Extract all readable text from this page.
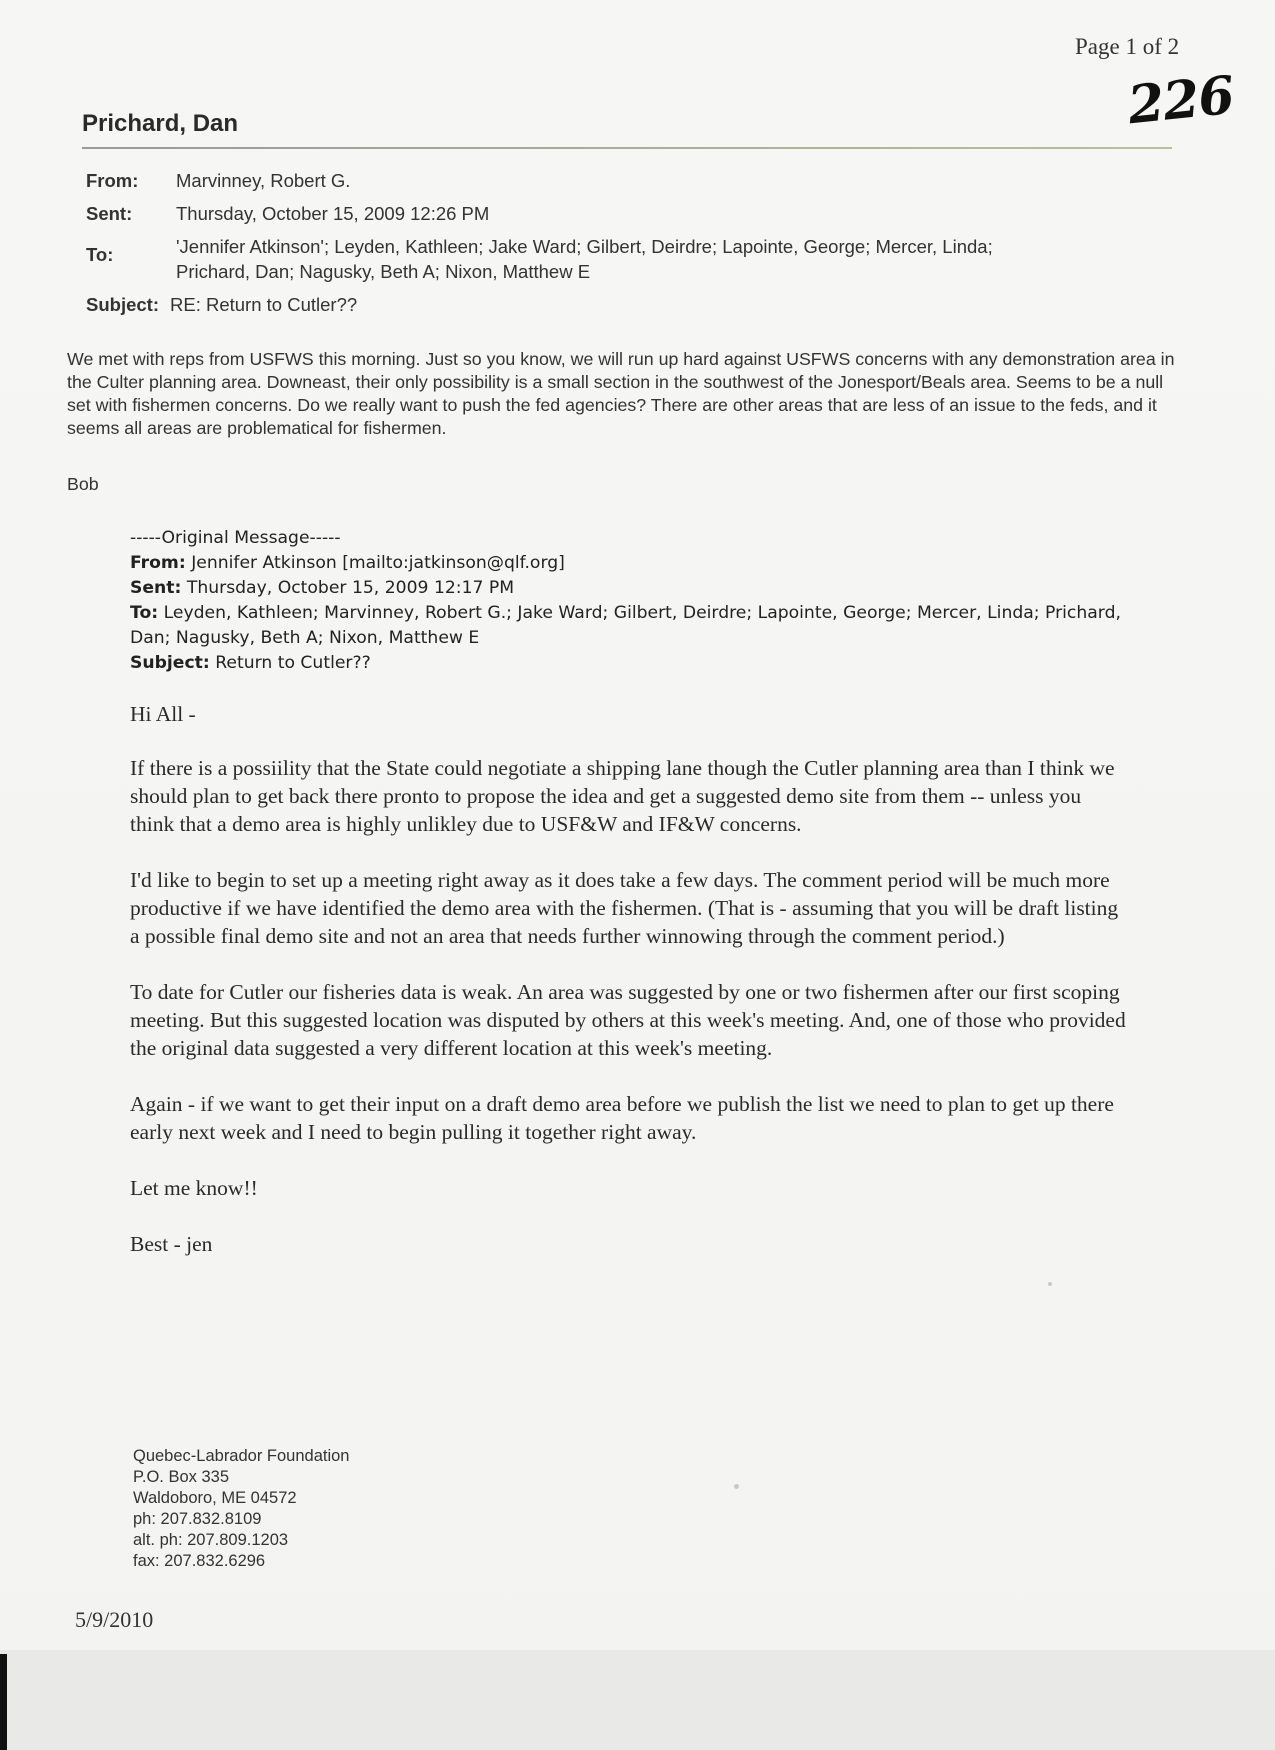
Page 1 of 2
226
Prichard, Dan
From:	Marvinney, Robert G.
Sent:	Thursday, October 15, 2009 12:26 PM
To:	'Jennifer Atkinson'; Leyden, Kathleen; Jake Ward; Gilbert, Deirdre; Lapointe, George; Mercer, Linda;
Prichard, Dan; Nagusky, Beth A; Nixon, Matthew E
Subject: RE: Return to Cutler??
We met with reps from USFWS this morning. Just so you know, we will run up hard against USFWS concerns with any demonstration area in the Culter planning area. Downeast, their only possibility is a small section in the southwest of the Jonesport/Beals area. Seems to be a null set with fishermen concerns. Do we really want to push the fed agencies? There are other areas that are less of an issue to the feds, and it seems all areas are problematical for fishermen.
Bob
-----Original Message-----
From: Jennifer Atkinson [mailto:jatkinson@qlf.org]
Sent: Thursday, October 15, 2009 12:17 PM
To: Leyden, Kathleen; Marvinney, Robert G.; Jake Ward; Gilbert, Deirdre; Lapointe, George; Mercer, Linda; Prichard, Dan; Nagusky, Beth A; Nixon, Matthew E
Subject: Return to Cutler??

Hi All -

If there is a possiility that the State could negotiate a shipping lane though the Cutler planning area than I think we should plan to get back there pronto to propose the idea and get a suggested demo site from them -- unless you think that a demo area is highly unlikley due to USF&W and IF&W concerns.

I'd like to begin to set up a meeting right away as it does take a few days. The comment period will be much more productive if we have identified the demo area with the fishermen. (That is - assuming that you will be draft listing a possible final demo site and not an area that needs further winnowing through the comment period.)

To date for Cutler our fisheries data is weak. An area was suggested by one or two fishermen after our first scoping meeting. But this suggested location was disputed by others at this week's meeting. And, one of those who provided the original data suggested a very different location at this week's meeting.

Again - if we want to get their input on a draft demo area before we publish the list we need to plan to get up there early next week and I need to begin pulling it together right away.

Let me know!!

Best - jen

Quebec-Labrador Foundation
P.O. Box 335
Waldoboro, ME 04572
ph: 207.832.8109
alt. ph: 207.809.1203
fax: 207.832.6296
5/9/2010
